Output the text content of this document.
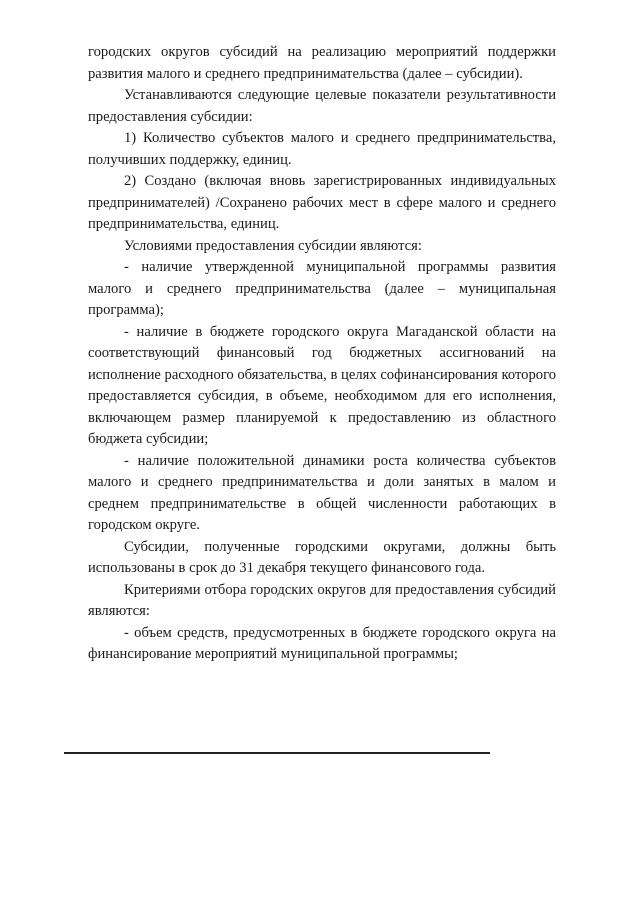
городских округов субсидий на реализацию мероприятий поддержки развития малого и среднего предпринимательства (далее – субсидии).

Устанавливаются следующие целевые показатели результативности предоставления субсидии:

1) Количество субъектов малого и среднего предпринимательства, получивших поддержку, единиц.

2) Создано (включая вновь зарегистрированных индивидуальных предпринимателей) /Сохранено рабочих мест в сфере малого и среднего предпринимательства, единиц.

Условиями предоставления субсидии являются:

- наличие утвержденной муниципальной программы развития малого и среднего предпринимательства (далее – муниципальная программа);

- наличие в бюджете городского округа Магаданской области на соответствующий финансовый год бюджетных ассигнований на исполнение расходного обязательства, в целях софинансирования которого предоставляется субсидия, в объеме, необходимом для его исполнения, включающем размер планируемой к предоставлению из областного бюджета субсидии;

- наличие положительной динамики роста количества субъектов малого и среднего предпринимательства и доли занятых в малом и среднем предпринимательстве в общей численности работающих в городском округе.

Субсидии, полученные городскими округами, должны быть использованы в срок до 31 декабря текущего финансового года.

Критериями отбора городских округов для предоставления субсидий являются:

- объем средств, предусмотренных в бюджете городского округа на финансирование мероприятий муниципальной программы;
